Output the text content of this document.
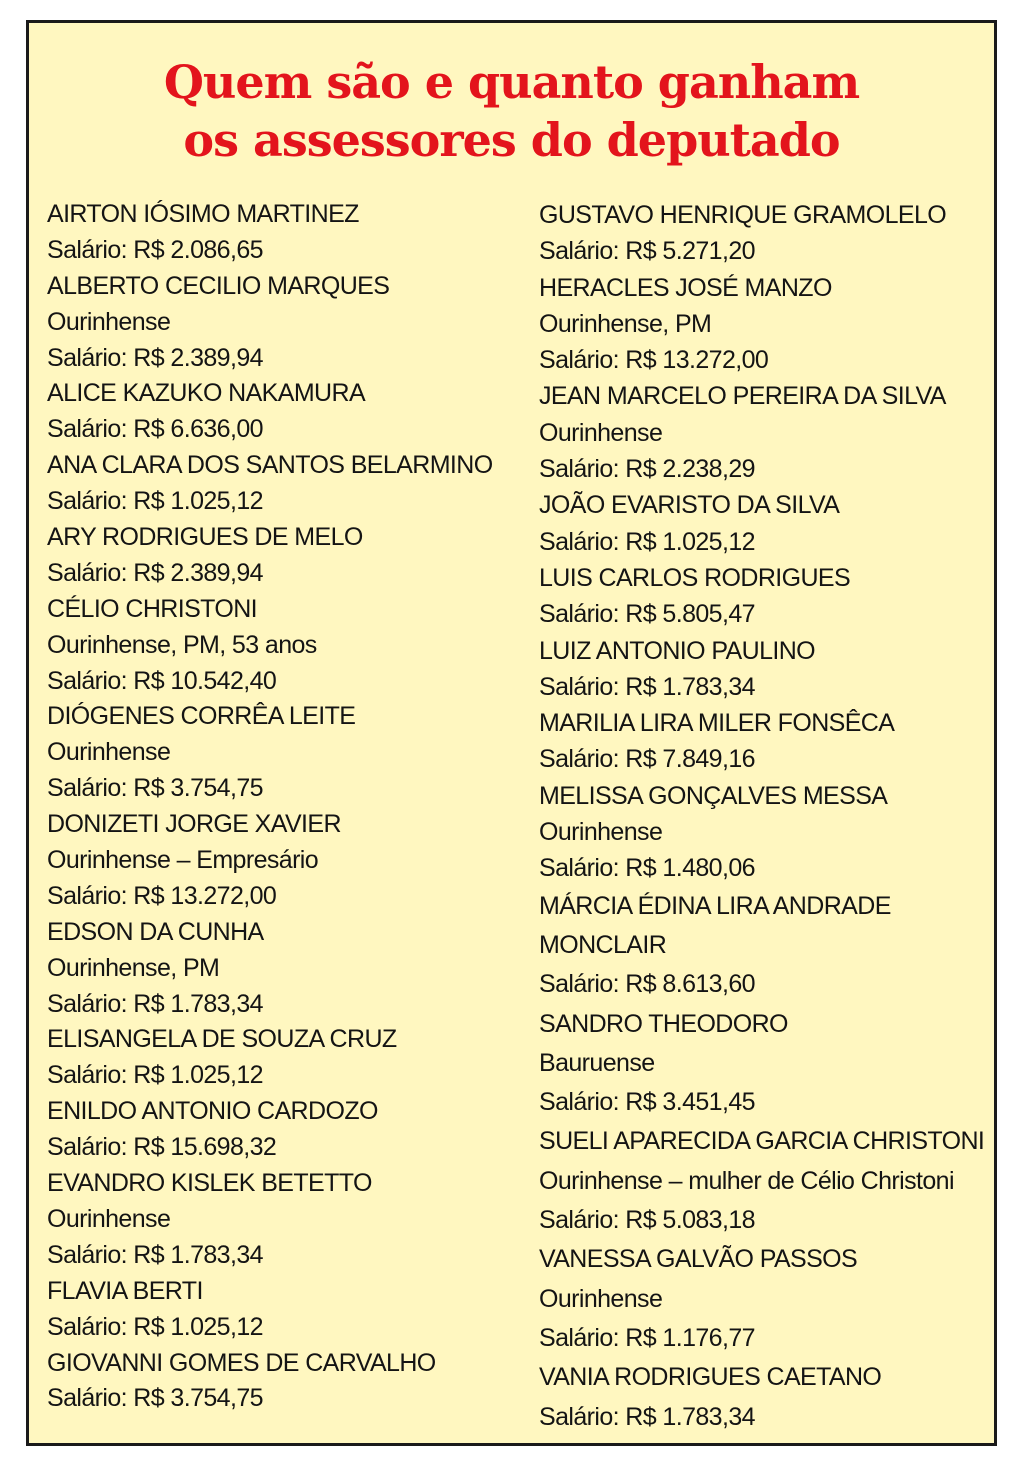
Quem são e quanto ganham
os assessores do deputado
AIRTON IÓSIMO MARTINEZ
Salário: R$ 2.086,65
ALBERTO CECILIO MARQUES
Ourinhense
Salário: R$ 2.389,94
ALICE KAZUKO NAKAMURA
Salário: R$ 6.636,00
ANA CLARA DOS SANTOS BELARMINO
Salário: R$ 1.025,12
ARY RODRIGUES DE MELO
Salário: R$ 2.389,94
CÉLIO CHRISTONI
Ourinhense, PM, 53 anos
Salário: R$ 10.542,40
DIÓGENES CORRÊA LEITE
Ourinhense
Salário: R$ 3.754,75
DONIZETI JORGE XAVIER
Ourinhense – Empresário
Salário: R$ 13.272,00
EDSON DA CUNHA
Ourinhense, PM
Salário: R$ 1.783,34
ELISANGELA DE SOUZA CRUZ
Salário: R$ 1.025,12
ENILDO ANTONIO CARDOZO
Salário: R$ 15.698,32
EVANDRO KISLEK BETETTO
Ourinhense
Salário: R$ 1.783,34
FLAVIA BERTI
Salário: R$ 1.025,12
GIOVANNI GOMES DE CARVALHO
Salário: R$ 3.754,75
GUSTAVO HENRIQUE GRAMOLELO
Salário: R$ 5.271,20
HERACLES JOSÉ MANZO
Ourinhense, PM
Salário: R$ 13.272,00
JEAN MARCELO PEREIRA DA SILVA
Ourinhense
Salário: R$ 2.238,29
JOÃO EVARISTO DA SILVA
Salário: R$ 1.025,12
LUIS CARLOS RODRIGUES
Salário: R$ 5.805,47
LUIZ ANTONIO PAULINO
Salário: R$ 1.783,34
MARILIA LIRA MILER FONSÊCA
Salário: R$ 7.849,16
MELISSA GONÇALVES MESSA
Ourinhense
Salário: R$ 1.480,06
MÁRCIA ÉDINA LIRA ANDRADE
MONCLAIR
Salário: R$ 8.613,60
SANDRO THEODORO
Bauruense
Salário: R$ 3.451,45
SUELI APARECIDA GARCIA CHRISTONI
Ourinhense – mulher de Célio Christoni
Salário: R$ 5.083,18
VANESSA GALVÃO PASSOS
Ourinhense
Salário: R$ 1.176,77
VANIA RODRIGUES CAETANO
Salário: R$ 1.783,34
